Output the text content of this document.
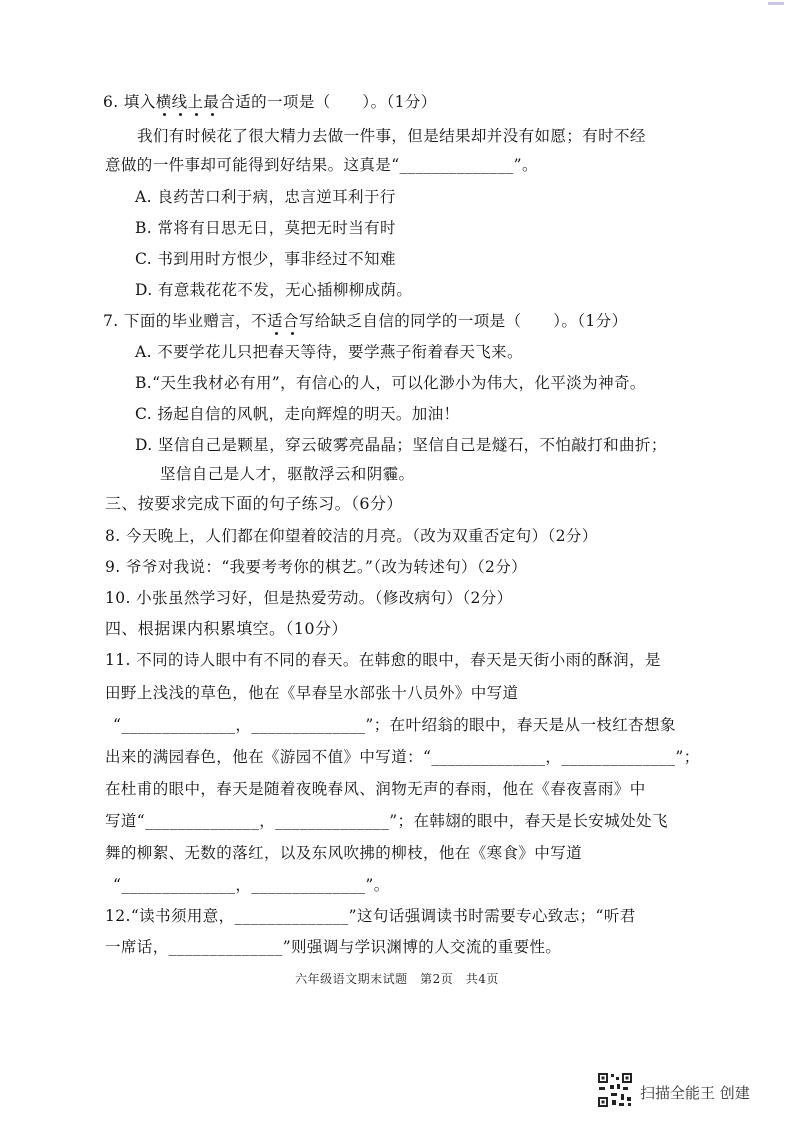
6. 填入横线上最合适的一项是（　　）。（1分）
我们有时候花了很大精力去做一件事，但是结果却并没有如愿；有时不经
意做的一件事却可能得到好结果。这真是“______________”。
A. 良药苦口利于病，忠言逆耳利于行
B. 常将有日思无日，莫把无时当有时
C. 书到用时方恨少，事非经过不知难
D. 有意栽花花不发，无心插柳柳成荫。
7. 下面的毕业赠言，不适合写给缺乏自信的同学的一项是（　　）。（1分）
A. 不要学花儿只把春天等待，要学燕子衔着春天飞来。
B.“天生我材必有用”，有信心的人，可以化渺小为伟大，化平淡为神奇。
C. 扬起自信的风帆，走向辉煌的明天。加油！
D. 坚信自己是颗星，穿云破雾亮晶晶；坚信自己是燧石，不怕敲打和曲折；
坚信自己是人才，驱散浮云和阴霾。
三、按要求完成下面的句子练习。（6分）
8. 今天晚上，人们都在仰望着皎洁的月亮。（改为双重否定句）（2分）
9. 爷爷对我说：“我要考考你的棋艺。”（改为转述句）（2分）
10. 小张虽然学习好，但是热爱劳动。（修改病句）（2分）
四、根据课内积累填空。（10分）
11. 不同的诗人眼中有不同的春天。在韩愈的眼中，春天是天街小雨的酥润，是
田野上浅浅的草色，他在《早春呈水部张十八员外》中写道
“______________，______________”；在叶绍翁的眼中，春天是从一枝红杏想象
出来的满园春色，他在《游园不值》中写道：“______________，______________”；
在杜甫的眼中，春天是随着夜晚春风、润物无声的春雨，他在《春夜喜雨》中
写道“______________，______________”；在韩翃的眼中，春天是长安城处处飞
舞的柳絮、无数的落红，以及东风吹拂的柳枝，他在《寒食》中写道
“______________，______________”。
12.“读书须用意，______________”这句话强调读书时需要专心致志；“听君
一席话，______________”则强调与学识渊博的人交流的重要性。
六年级语文期末试题　第2页　共4页
扫描全能王 创建
